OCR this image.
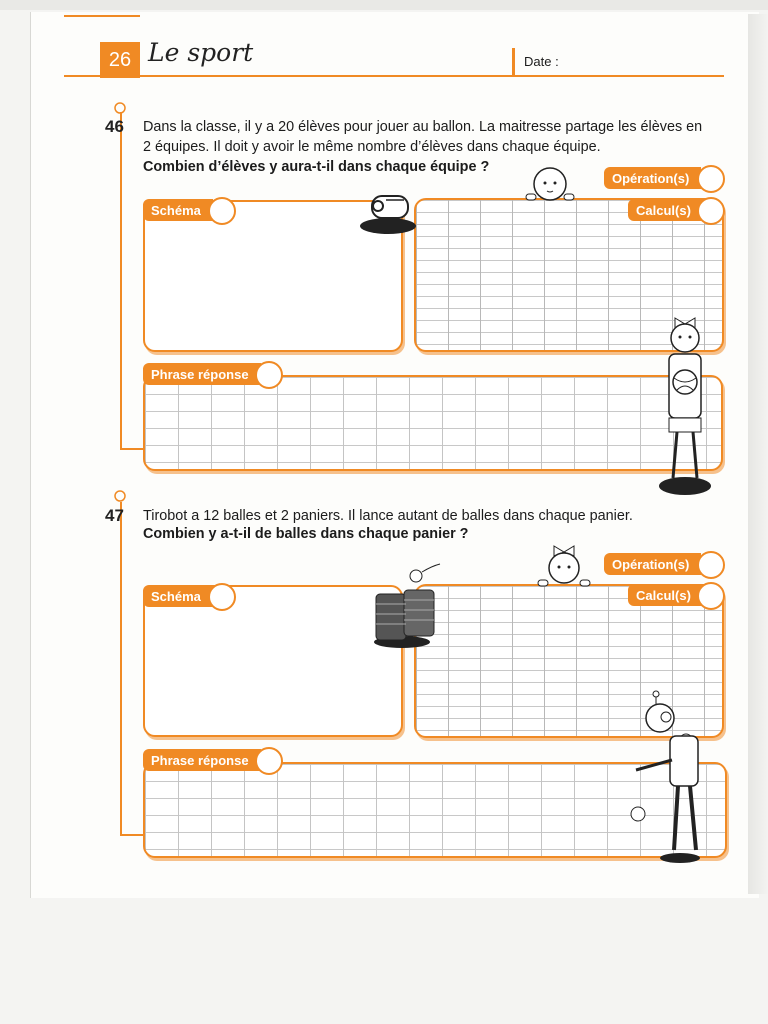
26 Le sport	Date :
46 Dans la classe, il y a 20 élèves pour jouer au ballon. La maitresse partage les élèves en 2 équipes. Il doit y avoir le même nombre d’élèves dans chaque équipe.
Combien d’élèves y aura-t-il dans chaque équipe ?
Schéma
Opération(s)
Calcul(s)
Phrase réponse
47 Tirobot a 12 balles et 2 paniers. Il lance autant de balles dans chaque panier.
Combien y a-t-il de balles dans chaque panier ?
Schéma
Opération(s)
Calcul(s)
Phrase réponse
